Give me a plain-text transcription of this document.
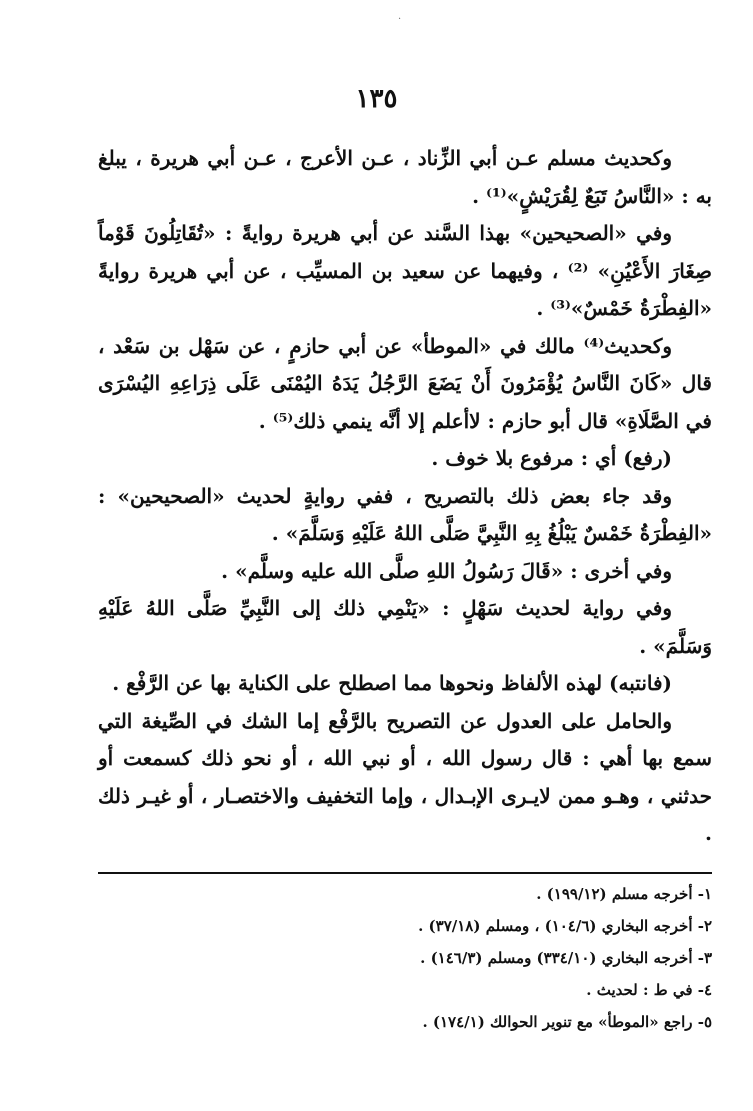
·
١٣٥

وكحديث مسلم عـن أبي الزِّناد ، عـن الأعرج ، عـن أبي هريرة ، يبلغ به : «النَّاسُ تَبَعٌ لِقُرَيْشٍ»⁽¹⁾ .

وفي «الصحيحين» بهذا السَّند عن أبي هريرة روايةً : «تُقَاتِلُونَ قَوْماً صِغَارَ الأَعْيُنِ» ⁽²⁾ ، وفيهما عن سعيد بن المسيِّب ، عن أبي هريرة روايةً «الفِطْرَةُ خَمْسٌ»⁽³⁾ .

وكحديث⁽⁴⁾ مالك في «الموطأ» عن أبي حازمٍ ، عن سَهْل بن سَعْد ، قال «كَانَ النَّاسُ يُؤْمَرُونَ أَنْ يَضَعَ الرَّجُلُ يَدَهُ اليُمْنَى عَلَى ذِرَاعِهِ اليُسْرَى في الصَّلَاةِ» قال أبو حازم : لاأعلم إلا أنَّه ينمي ذلك⁽⁵⁾ .

(رفع) أي : مرفوع بلا خوف .

وقد جاء بعض ذلك بالتصريح ، ففي روايةٍ لحديث «الصحيحين» : «الفِطْرَةُ خَمْسٌ يَبْلُغُ بِهِ النَّبِيَّ صَلَّى اللهُ عَلَيْهِ وَسَلَّمَ» .

وفي أخرى : «قَالَ رَسُولُ اللهِ صلَّى الله عليه وسلَّم» .

وفي رواية لحديث سَهْلٍ : «يَنْمِي ذلك إلى النَّبِيِّ صَلَّى اللهُ عَلَيْهِ وَسَلَّمَ» .

(فانتبه) لهذه الألفاظ ونحوها مما اصطلح على الكناية بها عن الرَّفْع .

والحامل على العدول عن التصريح بالرَّفْع إما الشك في الصِّيغة التي سمع بها أهي : قال رسول الله ، أو نبي الله ، أو نحو ذلك كسمعت أو حدثني ، وهـو ممن لايـرى الإبـدال ، وإما التخفيف والاختصـار ، أو غيـر ذلك .

١- أخرجه مسلم (١٩٩/١٢) .

٢- أخرجه البخاري (١٠٤/٦) ، ومسلم (٣٧/١٨) .

٣- أخرجه البخاري (٣٣٤/١٠) ومسلم (١٤٦/٣) .

٤- في ط : لحديث .

٥- راجع «الموطأ» مع تنوير الحوالك (١٧٤/١) .
